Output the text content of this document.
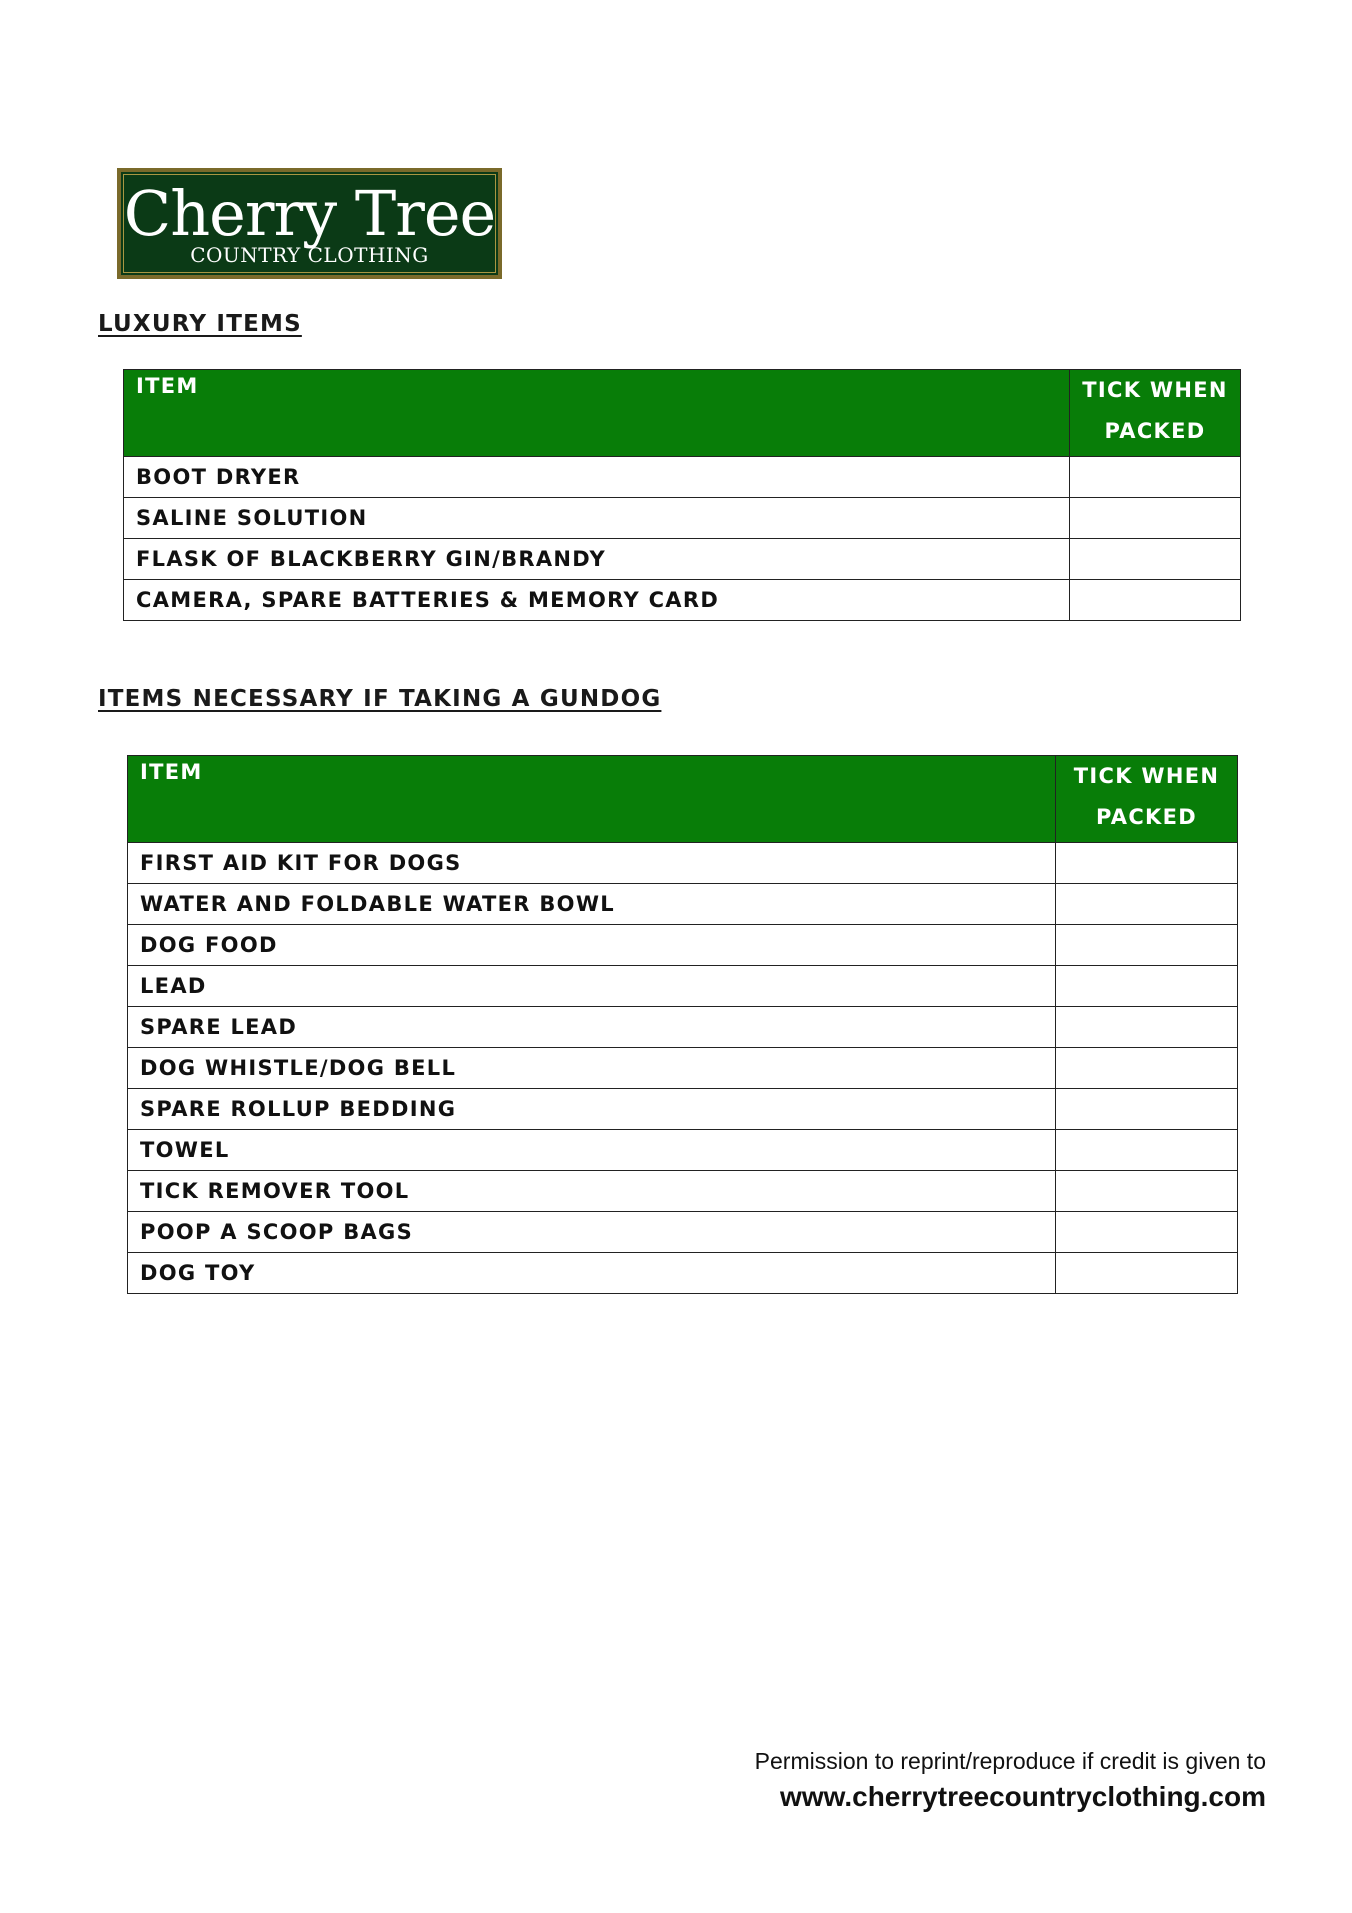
Cherry Tree
COUNTRY CLOTHING
LUXURY ITEMS
ITEM	TICK WHEN
PACKED

BOOT DRYER	
SALINE SOLUTION	
FLASK OF BLACKBERRY GIN/BRANDY	
CAMERA, SPARE BATTERIES & MEMORY CARD	
ITEMS NECESSARY IF TAKING A GUNDOG
ITEM	TICK WHEN
PACKED

FIRST AID KIT FOR DOGS	
WATER AND FOLDABLE WATER BOWL	
DOG FOOD	
LEAD	
SPARE LEAD	
DOG WHISTLE/DOG BELL	
SPARE ROLLUP BEDDING	
TOWEL	
TICK REMOVER TOOL	
POOP A SCOOP BAGS	
DOG TOY	
Permission to reprint/reproduce if credit is given to
www.cherrytreecountryclothing.com
